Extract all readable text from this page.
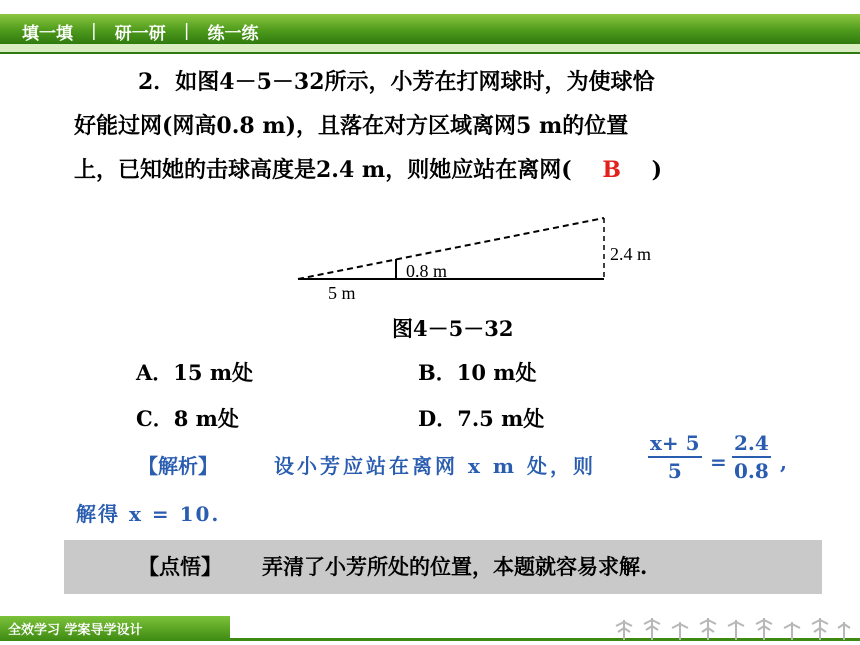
填一填 | 研一研 | 练一练

2．如图4－5－32所示，小芳在打网球时，为使球恰

好能过网(网高0.8 m)，且落在对方区域离网5 m的位置

上，已知她的击球高度是2.4 m，则她应站在离网( B )

0.8 m
2.4 m
5 m
图4－5－32
A．15 m处	B．10 m处
C．8 m处	D．7.5 m处
【解析】	设小芳应站在离网 x m 处，则	$\frac{x+ 5}{5} = \frac{2.4}{0.8}$ ,
解得 x = 10.
【点悟】 弄清了小芳所处的位置，本题就容易求解.
全效学习 学案导学设计
